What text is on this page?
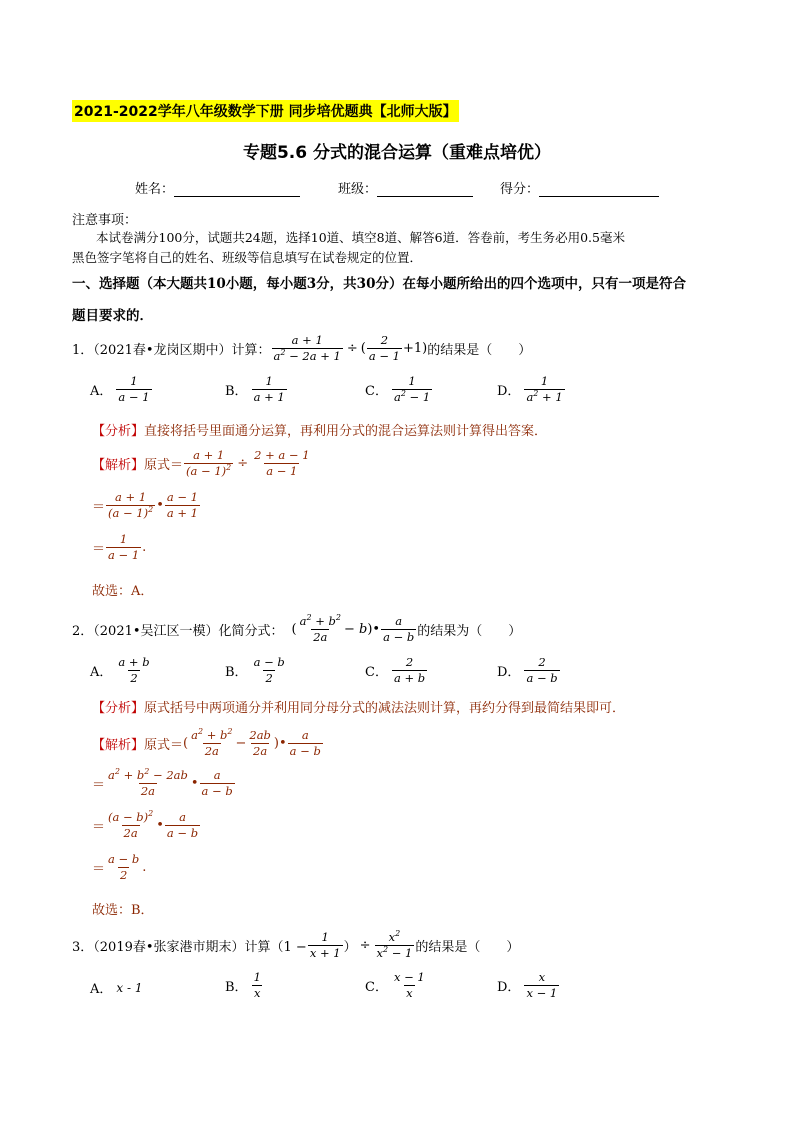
2021-2022学年八年级数学下册 同步培优题典【北师大版】
专题5.6 分式的混合运算（重难点培优）
姓名：	班级：	得分：
注意事项：
本试卷满分100分，试题共24题，选择10道、填空8道、解答6道．答卷前，考生务必用0.5毫米
黑色签字笔将自己的姓名、班级等信息填写在试卷规定的位置．
一、选择题（本大题共10小题，每小题3分，共30分）在每小题所给出的四个选项中，只有一项是符合
题目要求的．
1．（2021春•龙岗区期中）计算： $\frac{a + 1}{a^2 - 2a + 1}$ ÷ ( $\frac{2}{a - 1} +1$) 的结果是（　　）
A． $\frac{1}{a - 1}$	B． $\frac{1}{a + 1}$	C． $\frac{1}{a^2 - 1}$	D． $\frac{1}{a^2 + 1}$
【分析】直接将括号里面通分运算，再利用分式的混合运算法则计算得出答案．
【解析】 原式＝ $\frac{a + 1}{(a - 1)^2} \div \frac{2 + a - 1}{a - 1}$
＝ $\frac{a + 1}{(a - 1)^2}$ • $\frac{a - 1}{a + 1}$
＝ $\frac{1}{a - 1}$ .
故选：A．
2．（2021•吴江区一模）化简分式： ( $\frac{a^2 + b^2}{2a} - b$ ) • $\frac{a}{a - b}$ 的结果为（　　）
A． $\frac{a + b}{2}$	B． $\frac{a - b}{2}$	C． $\frac{2}{a + b}$	D． $\frac{2}{a - b}$
【分析】原式括号中两项通分并利用同分母分式的减法法则计算，再约分得到最简结果即可．
【解析】 原式＝ ( $\frac{a^2 + b^2}{2a} - \frac{2ab}{2a}$ ) • $\frac{a}{a - b}$
＝ $\frac{a^2 + b^2 - 2ab}{2a}$ • $\frac{a}{a - b}$
＝ $\frac{(a - b)^2}{2a}$ • $\frac{a}{a - b}$
＝ $\frac{a - b}{2}$ .
故选：B．
3．（2019春•张家港市期末）计算 （$1 - \frac{1}{x + 1}$ ） ÷ $\frac{x^2}{x^2 - 1}$ 的结果是（　　）
A． x - 1	B． $\frac{1}{x}$	C． $\frac{x - 1}{x}$	D． $\frac{x}{x - 1}$
